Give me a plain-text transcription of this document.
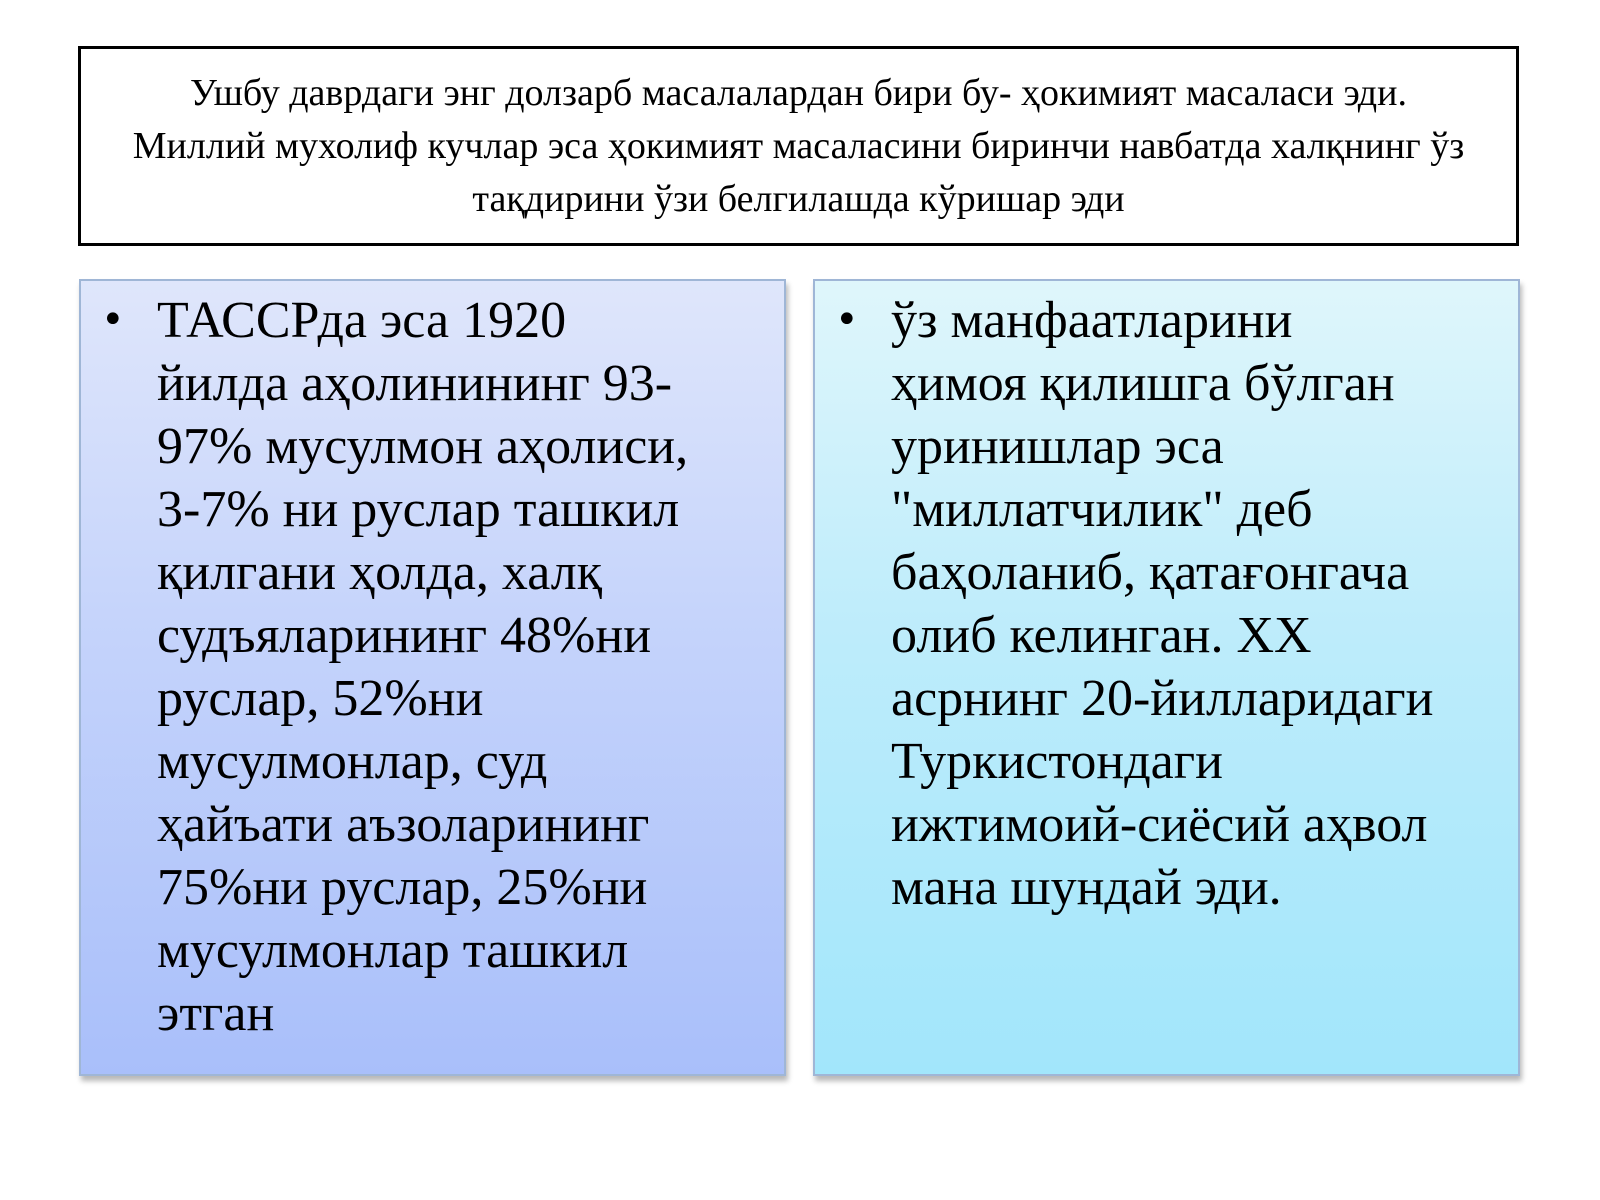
Ушбу даврдаги энг долзарб масалалардан бири бу- ҳокимият масаласи эди. Миллий мухолиф кучлар эса ҳокимият масаласини биринчи навбатда халқнинг ўз тақдирини ўзи белгилашда кўришар эди

• ТАССРда эса 1920
йилда аҳолинининг 93-
97% мусулмон аҳолиси,
3-7% ни руслар ташкил
қилгани ҳолда, халқ
судъяларининг 48%ни
руслар, 52%ни
мусулмонлар, суд
ҳайъати аъзоларининг
75%ни руслар, 25%ни
мусулмонлар ташкил
этган

• ўз манфаатларини
ҳимоя қилишга бўлган
уринишлар эса
"миллатчилик" деб
баҳоланиб, қатағонгача
олиб келинган. XX
асрнинг 20-йилларидаги
Туркистондаги
ижтимоий-сиёсий аҳвол
мана шундай эди.
